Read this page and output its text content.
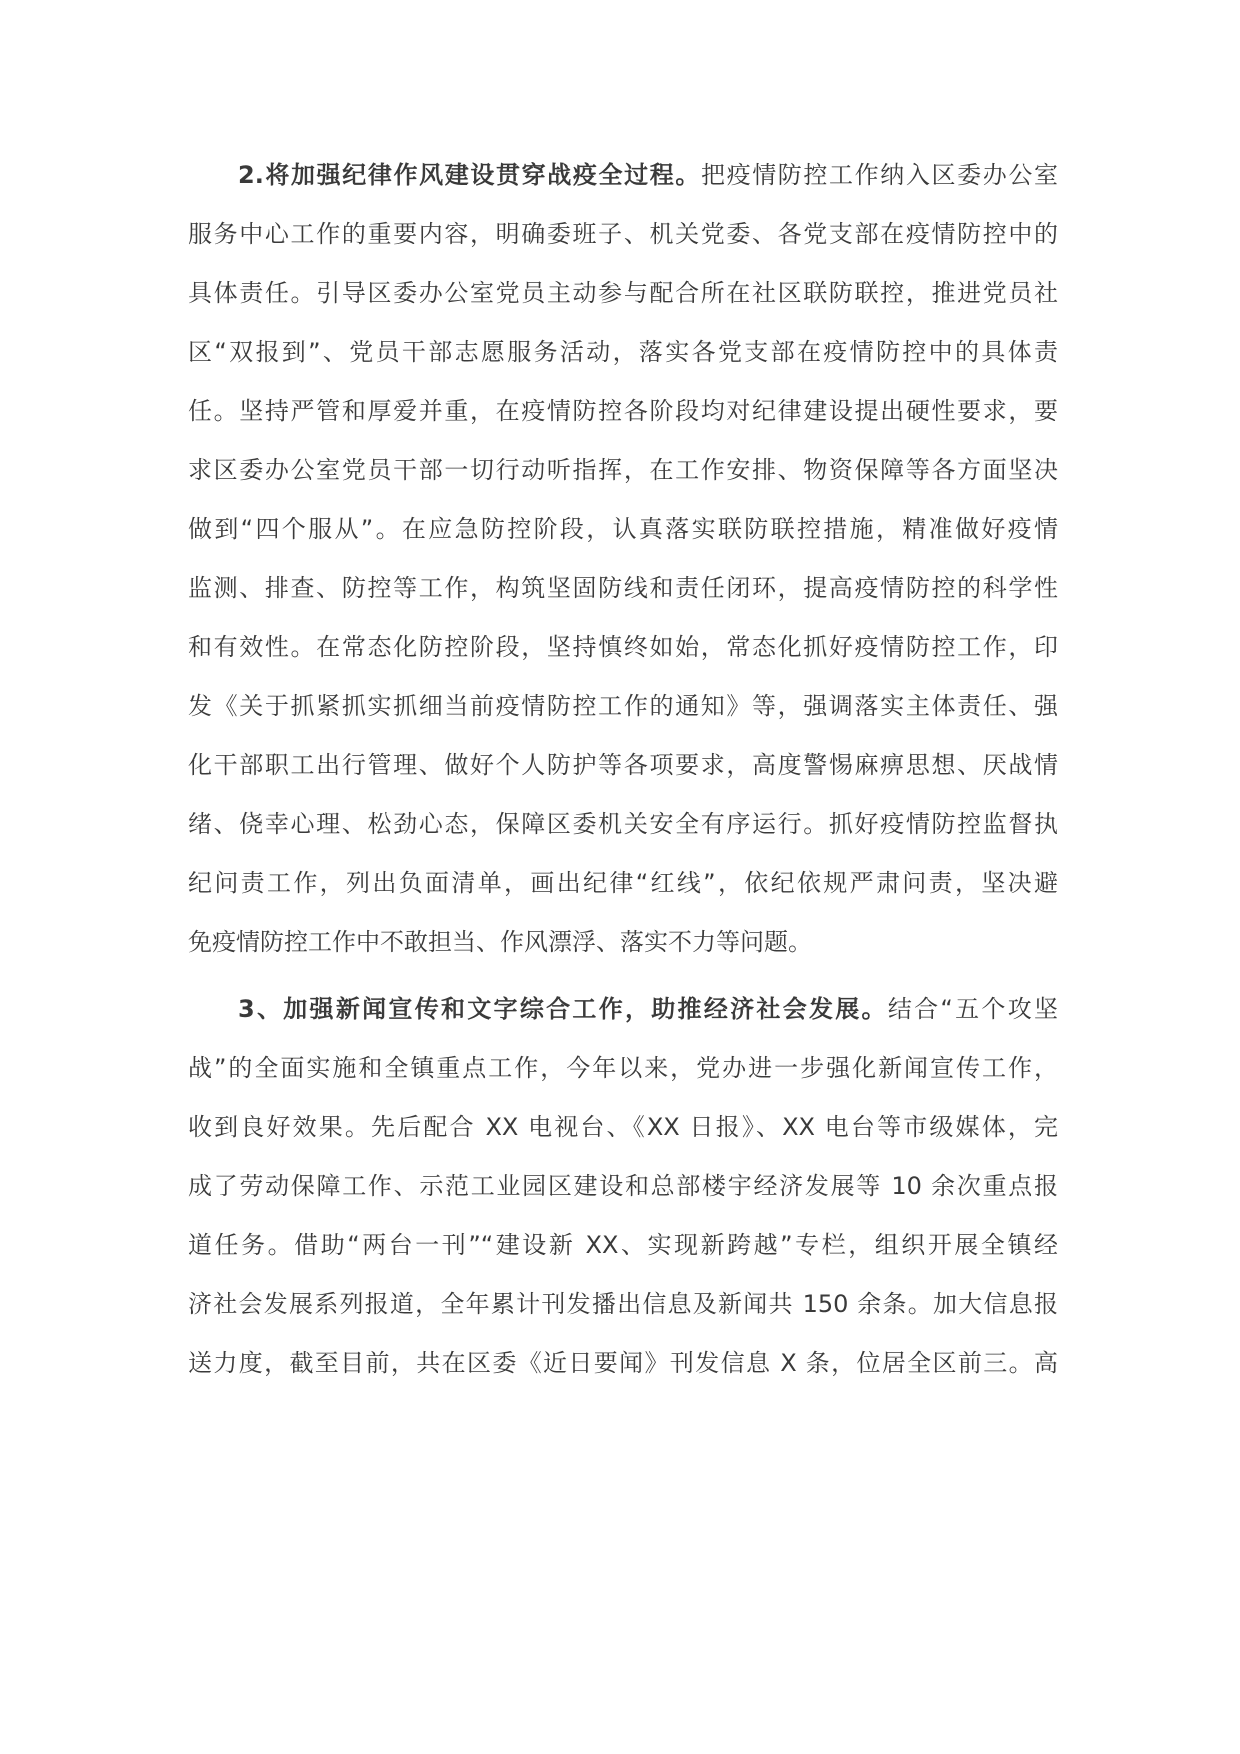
2.将加强纪律作风建设贯穿战疫全过程。把疫情防控工作纳入区委办公室
服务中心工作的重要内容，明确委班子、机关党委、各党支部在疫情防控中的
具体责任。引导区委办公室党员主动参与配合所在社区联防联控，推进党员社
区“双报到”、党员干部志愿服务活动，落实各党支部在疫情防控中的具体责
任。坚持严管和厚爱并重，在疫情防控各阶段均对纪律建设提出硬性要求，要
求区委办公室党员干部一切行动听指挥，在工作安排、物资保障等各方面坚决
做到“四个服从”。在应急防控阶段，认真落实联防联控措施，精准做好疫情
监测、排查、防控等工作，构筑坚固防线和责任闭环，提高疫情防控的科学性
和有效性。在常态化防控阶段，坚持慎终如始，常态化抓好疫情防控工作，印
发《关于抓紧抓实抓细当前疫情防控工作的通知》等，强调落实主体责任、强
化干部职工出行管理、做好个人防护等各项要求，高度警惕麻痹思想、厌战情
绪、侥幸心理、松劲心态，保障区委机关安全有序运行。抓好疫情防控监督执
纪问责工作，列出负面清单，画出纪律“红线”，依纪依规严肃问责，坚决避
免疫情防控工作中不敢担当、作风漂浮、落实不力等问题。
3、加强新闻宣传和文字综合工作，助推经济社会发展。结合“五个攻坚
战”的全面实施和全镇重点工作，今年以来，党办进一步强化新闻宣传工作，
收到良好效果。先后配合 XX 电视台、《XX 日报》、XX 电台等市级媒体，完
成了劳动保障工作、示范工业园区建设和总部楼宇经济发展等 10 余次重点报
道任务。借助“两台一刊”“建设新 XX、实现新跨越”专栏，组织开展全镇经
济社会发展系列报道，全年累计刊发播出信息及新闻共 150 余条。加大信息报
送力度，截至目前，共在区委《近日要闻》刊发信息 X 条，位居全区前三。高
